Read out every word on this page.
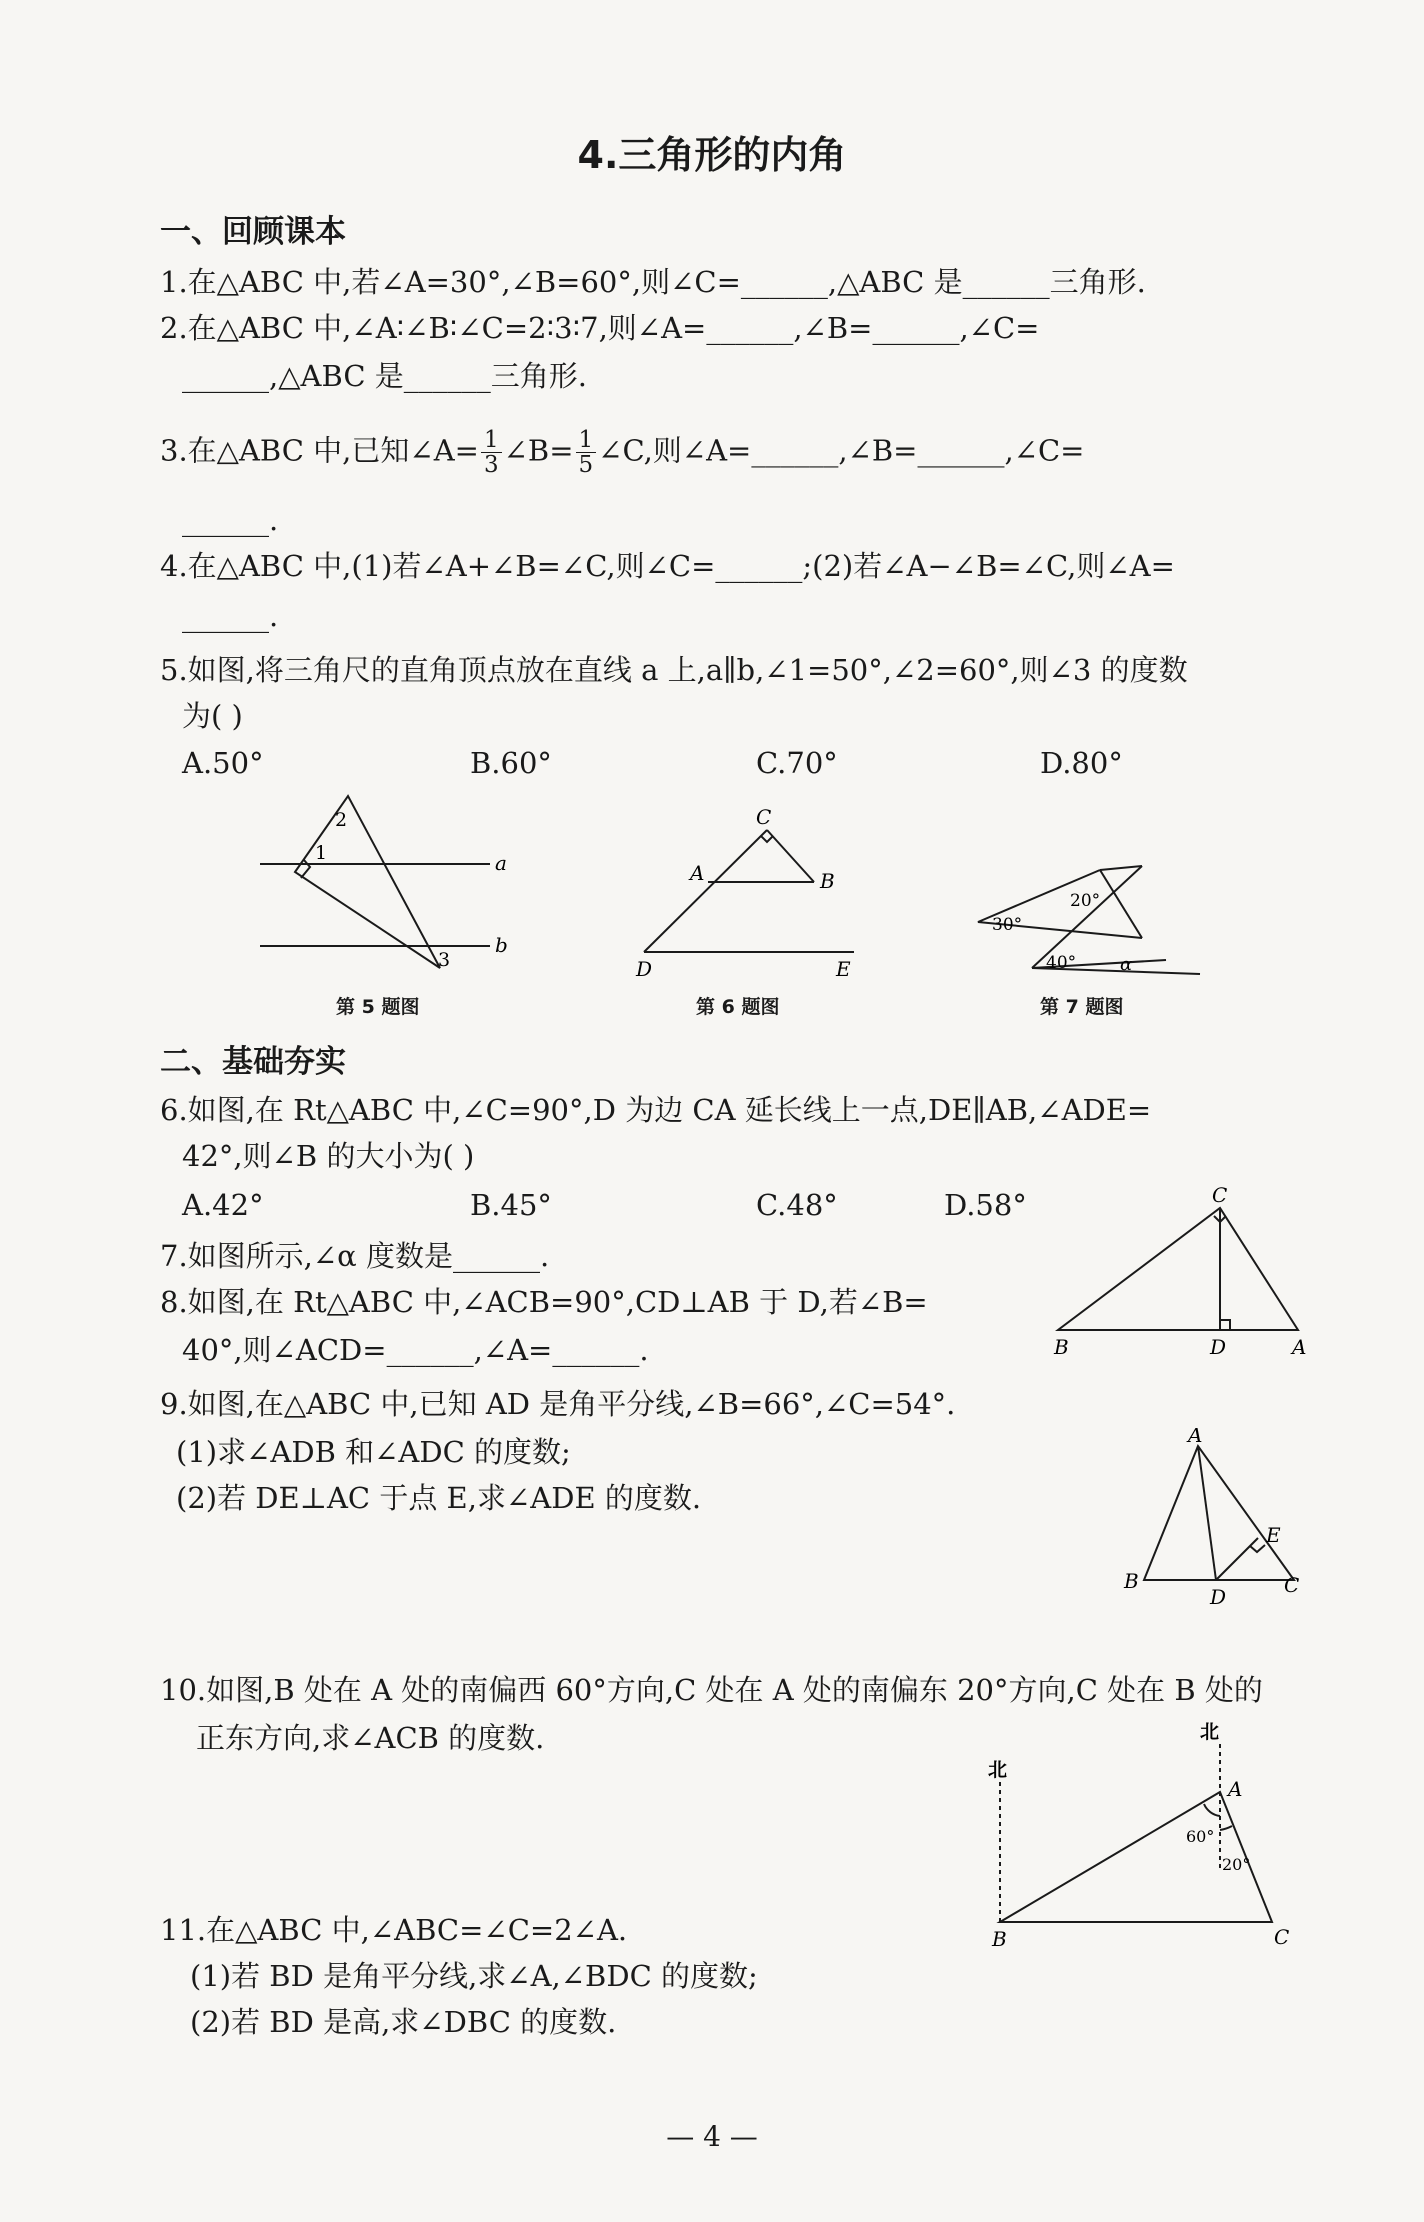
4.三角形的内角
一、回顾课本
1.在△ABC 中,若∠A=30°,∠B=60°,则∠C=______,△ABC 是______三角形.
2.在△ABC 中,∠A∶∠B∶∠C=2∶3∶7,则∠A=______,∠B=______,∠C=
______,△ABC 是______三角形.
3.在△ABC 中,已知∠A= $\frac{1}{3}$ ∠B= $\frac{1}{5}$ ∠C,则∠A=______,∠B=______,∠C=
______.
4.在△ABC 中,(1)若∠A+∠B=∠C,则∠C=______;(2)若∠A−∠B=∠C,则∠A=
______.
5.如图,将三角尺的直角顶点放在直线 a 上,a∥b,∠1=50°,∠2=60°,则∠3 的度数
为( )
A.50°	B.60°	C.70°	D.80°
2
1
3
a
b
第 5 题图
C
A	B
D	E
第 6 题图
20°
30°
40° α
第 7 题图
二、基础夯实
6.如图,在 Rt△ABC 中,∠C=90°,D 为边 CA 延长线上一点,DE∥AB,∠ADE=
42°,则∠B 的大小为( )
A.42°	B.45°	C.48°	D.58°
7.如图所示,∠α 度数是______.
8.如图,在 Rt△ABC 中,∠ACB=90°,CD⊥AB 于 D,若∠B=
40°,则∠ACD=______,∠A=______.
C
B	D	A
9.如图,在△ABC 中,已知 AD 是角平分线,∠B=66°,∠C=54°.
(1)求∠ADB 和∠ADC 的度数;
(2)若 DE⊥AC 于点 E,求∠ADE 的度数.
A
B
D
E
C
10.如图,B 处在 A 处的南偏西 60°方向,C 处在 A 处的南偏东 20°方向,C 处在 B 处的
正东方向,求∠ACB 的度数.
北
北
A
B	C
60°
20°
11.在△ABC 中,∠ABC=∠C=2∠A.
(1)若 BD 是角平分线,求∠A,∠BDC 的度数;
(2)若 BD 是高,求∠DBC 的度数.
— 4 —
